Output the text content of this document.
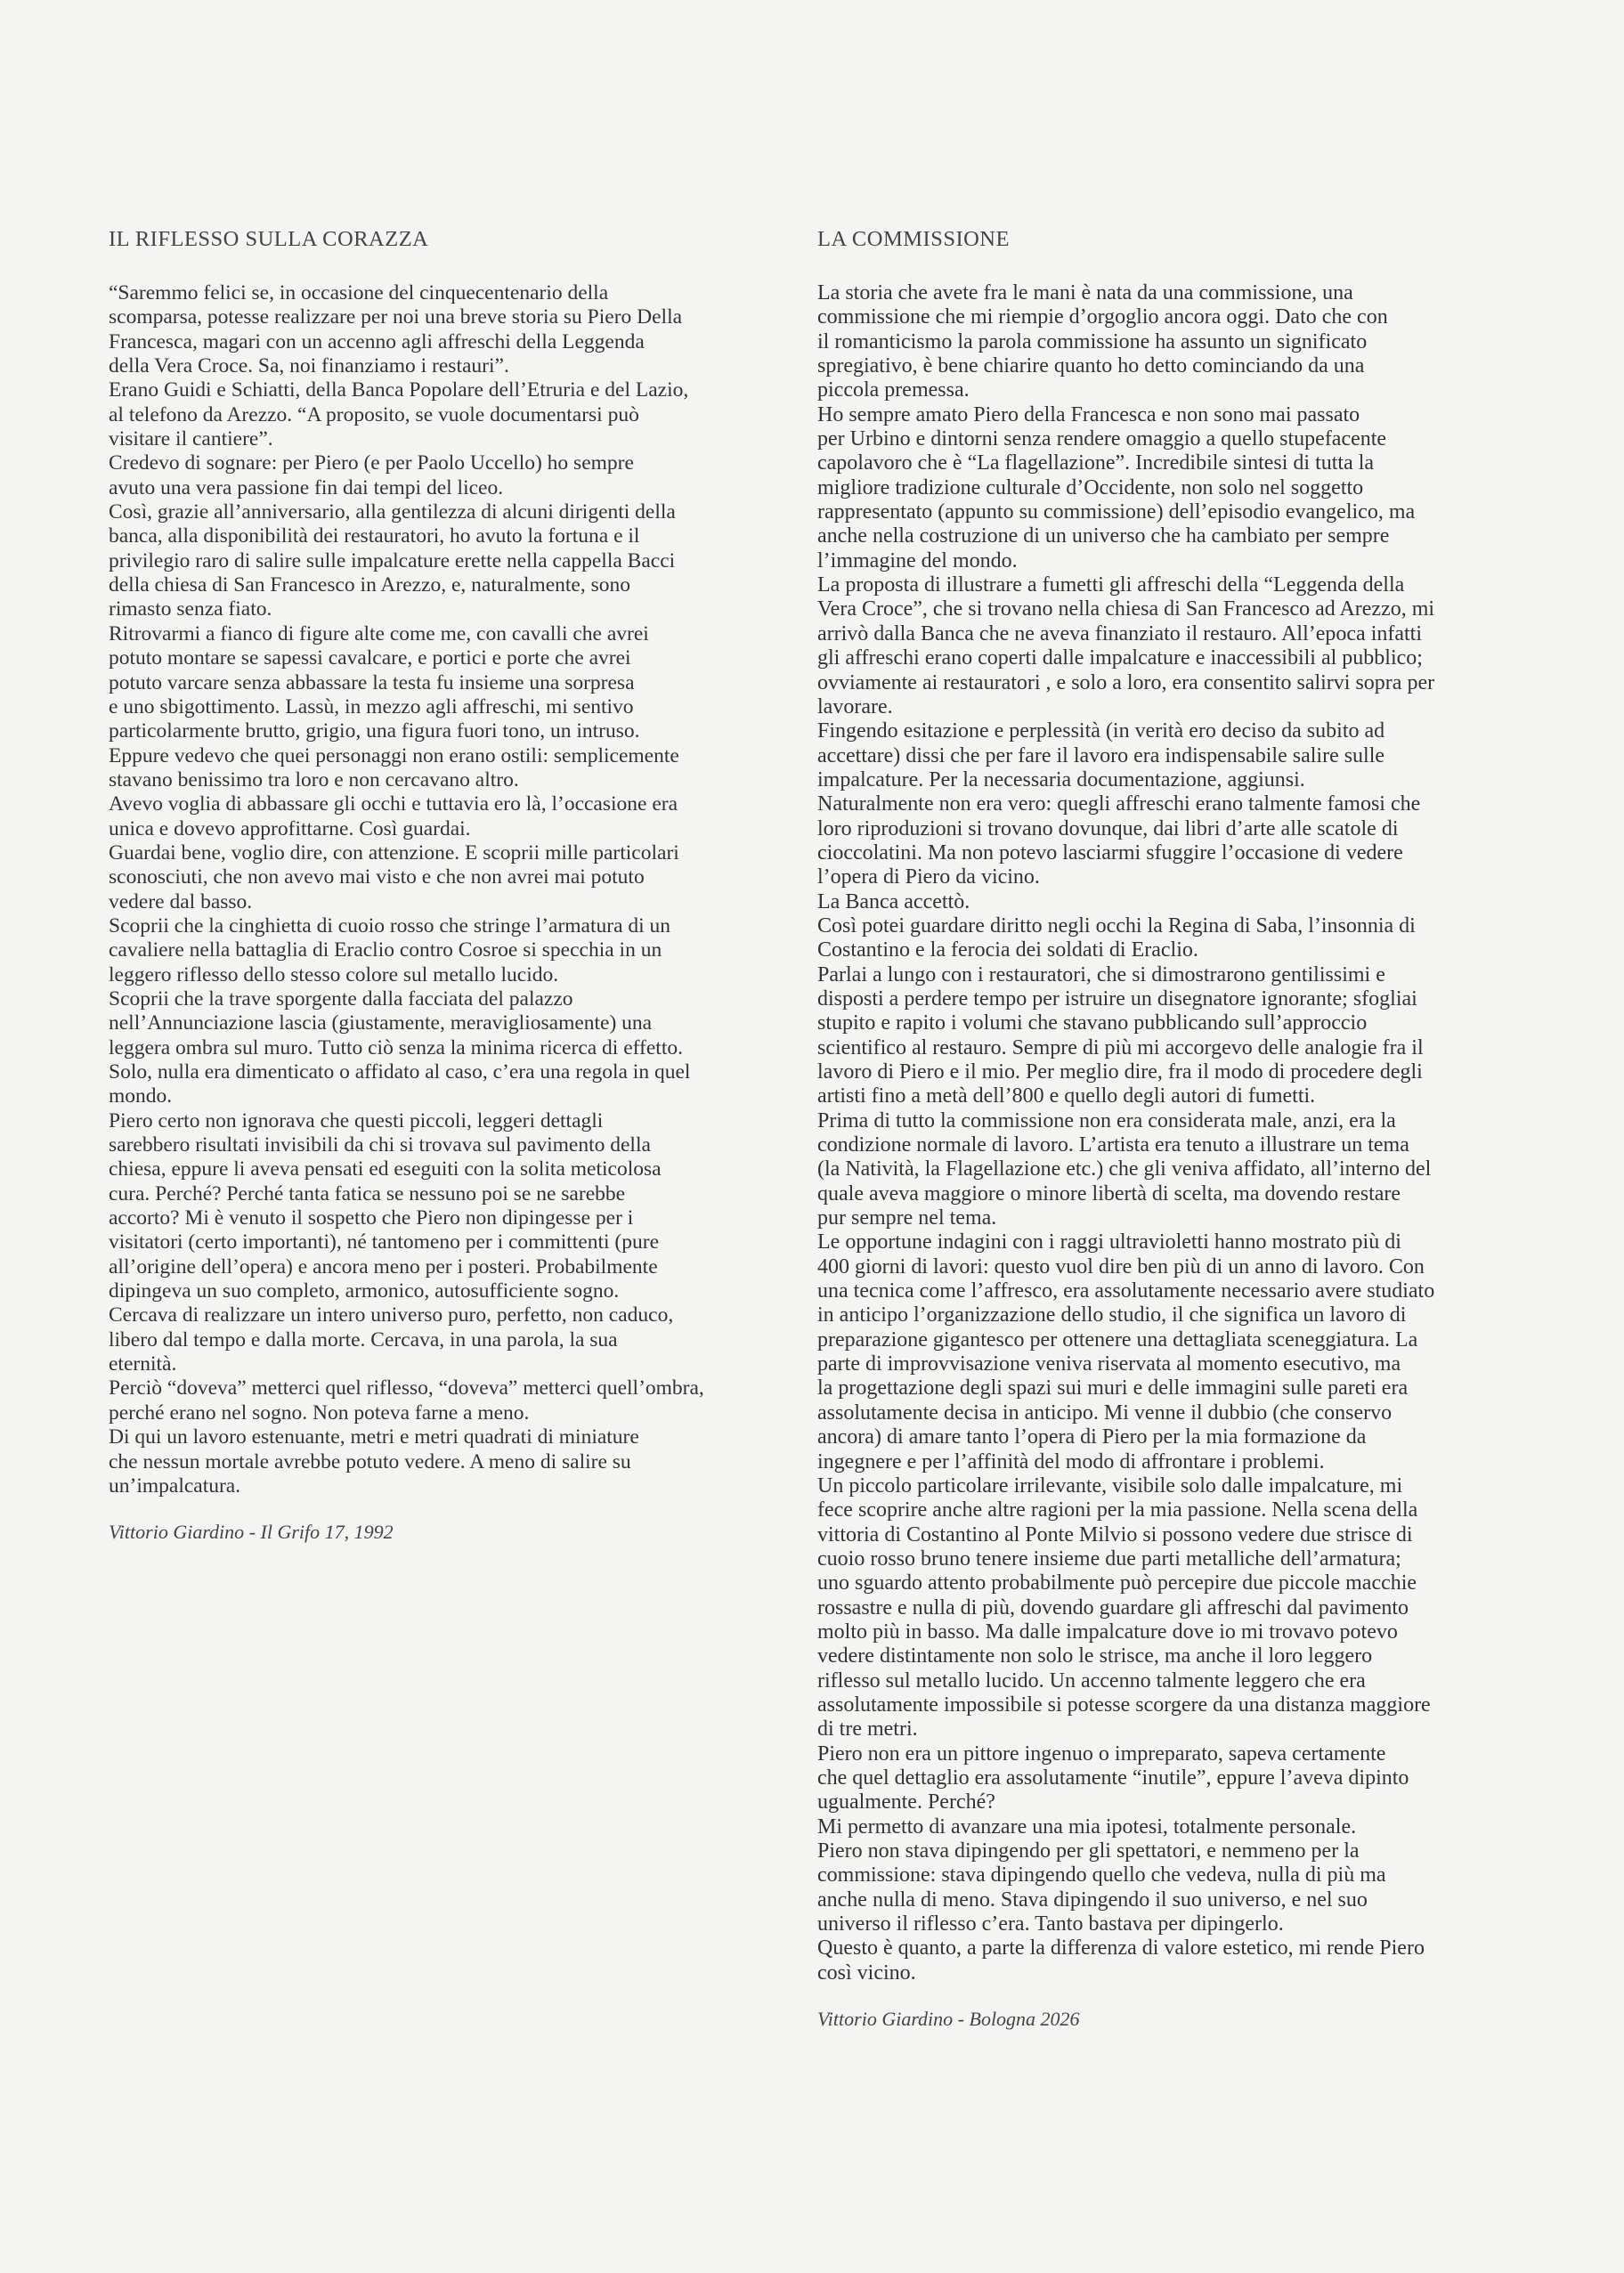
IL RIFLESSO SULLA CORAZZA
“Saremmo felici se, in occasione del cinquecentenario della
scomparsa, potesse realizzare per noi una breve storia su Piero Della
Francesca, magari con un accenno agli affreschi della Leggenda
della Vera Croce. Sa, noi finanziamo i restauri”.
Erano Guidi e Schiatti, della Banca Popolare dell’Etruria e del Lazio,
al telefono da Arezzo. “A proposito, se vuole documentarsi può
visitare il cantiere”.
Credevo di sognare: per Piero (e per Paolo Uccello) ho sempre
avuto una vera passione fin dai tempi del liceo.
Così, grazie all’anniversario, alla gentilezza di alcuni dirigenti della
banca, alla disponibilità dei restauratori, ho avuto la fortuna e il
privilegio raro di salire sulle impalcature erette nella cappella Bacci
della chiesa di San Francesco in Arezzo, e, naturalmente, sono
rimasto senza fiato.
Ritrovarmi a fianco di figure alte come me, con cavalli che avrei
potuto montare se sapessi cavalcare, e portici e porte che avrei
potuto varcare senza abbassare la testa fu insieme una sorpresa
e uno sbigottimento. Lassù, in mezzo agli affreschi, mi sentivo
particolarmente brutto, grigio, una figura fuori tono, un intruso.
Eppure vedevo che quei personaggi non erano ostili: semplicemente
stavano benissimo tra loro e non cercavano altro.
Avevo voglia di abbassare gli occhi e tuttavia ero là, l’occasione era
unica e dovevo approfittarne. Così guardai.
Guardai bene, voglio dire, con attenzione. E scoprii mille particolari
sconosciuti, che non avevo mai visto e che non avrei mai potuto
vedere dal basso.
Scoprii che la cinghietta di cuoio rosso che stringe l’armatura di un
cavaliere nella battaglia di Eraclio contro Cosroe si specchia in un
leggero riflesso dello stesso colore sul metallo lucido.
Scoprii che la trave sporgente dalla facciata del palazzo
nell’Annunciazione lascia (giustamente, meravigliosamente) una
leggera ombra sul muro. Tutto ciò senza la minima ricerca di effetto.
Solo, nulla era dimenticato o affidato al caso, c’era una regola in quel
mondo.
Piero certo non ignorava che questi piccoli, leggeri dettagli
sarebbero risultati invisibili da chi si trovava sul pavimento della
chiesa, eppure li aveva pensati ed eseguiti con la solita meticolosa
cura. Perché? Perché tanta fatica se nessuno poi se ne sarebbe
accorto? Mi è venuto il sospetto che Piero non dipingesse per i
visitatori (certo importanti), né tantomeno per i committenti (pure
all’origine dell’opera) e ancora meno per i posteri. Probabilmente
dipingeva un suo completo, armonico, autosufficiente sogno.
Cercava di realizzare un intero universo puro, perfetto, non caduco,
libero dal tempo e dalla morte. Cercava, in una parola, la sua
eternità.
Perciò “doveva” metterci quel riflesso, “doveva” metterci quell’ombra,
perché erano nel sogno. Non poteva farne a meno.
Di qui un lavoro estenuante, metri e metri quadrati di miniature
che nessun mortale avrebbe potuto vedere. A meno di salire su
un’impalcatura.
Vittorio Giardino - Il Grifo 17, 1992
LA COMMISSIONE
La storia che avete fra le mani è nata da una commissione, una
commissione che mi riempie d’orgoglio ancora oggi. Dato che con
il romanticismo la parola commissione ha assunto un significato
spregiativo, è bene chiarire quanto ho detto cominciando da una
piccola premessa.
Ho sempre amato Piero della Francesca e non sono mai passato
per Urbino e dintorni senza rendere omaggio a quello stupefacente
capolavoro che è “La flagellazione”. Incredibile sintesi di tutta la
migliore tradizione culturale d’Occidente, non solo nel soggetto
rappresentato (appunto su commissione) dell’episodio evangelico, ma
anche nella costruzione di un universo che ha cambiato per sempre
l’immagine del mondo.
La proposta di illustrare a fumetti gli affreschi della “Leggenda della
Vera Croce”, che si trovano nella chiesa di San Francesco ad Arezzo, mi
arrivò dalla Banca che ne aveva finanziato il restauro. All’epoca infatti
gli affreschi erano coperti dalle impalcature e inaccessibili al pubblico;
ovviamente ai restauratori , e solo a loro, era consentito salirvi sopra per
lavorare.
Fingendo esitazione e perplessità (in verità ero deciso da subito ad
accettare) dissi che per fare il lavoro era indispensabile salire sulle
impalcature. Per la necessaria documentazione, aggiunsi.
Naturalmente non era vero: quegli affreschi erano talmente famosi che
loro riproduzioni si trovano dovunque, dai libri d’arte alle scatole di
cioccolatini. Ma non potevo lasciarmi sfuggire l’occasione di vedere
l’opera di Piero da vicino.
La Banca accettò.
Così potei guardare diritto negli occhi la Regina di Saba, l’insonnia di
Costantino e la ferocia dei soldati di Eraclio.
Parlai a lungo con i restauratori, che si dimostrarono gentilissimi e
disposti a perdere tempo per istruire un disegnatore ignorante; sfogliai
stupito e rapito i volumi che stavano pubblicando sull’approccio
scientifico al restauro. Sempre di più mi accorgevo delle analogie fra il
lavoro di Piero e il mio. Per meglio dire, fra il modo di procedere degli
artisti fino a metà dell’800 e quello degli autori di fumetti.
Prima di tutto la commissione non era considerata male, anzi, era la
condizione normale di lavoro. L’artista era tenuto a illustrare un tema
(la Natività, la Flagellazione etc.) che gli veniva affidato, all’interno del
quale aveva maggiore o minore libertà di scelta, ma dovendo restare
pur sempre nel tema.
Le opportune indagini con i raggi ultravioletti hanno mostrato più di
400 giorni di lavori: questo vuol dire ben più di un anno di lavoro. Con
una tecnica come l’affresco, era assolutamente necessario avere studiato
in anticipo l’organizzazione dello studio, il che significa un lavoro di
preparazione gigantesco per ottenere una dettagliata sceneggiatura. La
parte di improvvisazione veniva riservata al momento esecutivo, ma
la progettazione degli spazi sui muri e delle immagini sulle pareti era
assolutamente decisa in anticipo. Mi venne il dubbio (che conservo
ancora) di amare tanto l’opera di Piero per la mia formazione da
ingegnere e per l’affinità del modo di affrontare i problemi.
Un piccolo particolare irrilevante, visibile solo dalle impalcature, mi
fece scoprire anche altre ragioni per la mia passione. Nella scena della
vittoria di Costantino al Ponte Milvio si possono vedere due strisce di
cuoio rosso bruno tenere insieme due parti metalliche dell’armatura;
uno sguardo attento probabilmente può percepire due piccole macchie
rossastre e nulla di più, dovendo guardare gli affreschi dal pavimento
molto più in basso. Ma dalle impalcature dove io mi trovavo potevo
vedere distintamente non solo le strisce, ma anche il loro leggero
riflesso sul metallo lucido. Un accenno talmente leggero che era
assolutamente impossibile si potesse scorgere da una distanza maggiore
di tre metri.
Piero non era un pittore ingenuo o impreparato, sapeva certamente
che quel dettaglio era assolutamente “inutile”, eppure l’aveva dipinto
ugualmente. Perché?
Mi permetto di avanzare una mia ipotesi, totalmente personale.
Piero non stava dipingendo per gli spettatori, e nemmeno per la
commissione: stava dipingendo quello che vedeva, nulla di più ma
anche nulla di meno. Stava dipingendo il suo universo, e nel suo
universo il riflesso c’era. Tanto bastava per dipingerlo.
Questo è quanto, a parte la differenza di valore estetico, mi rende Piero
così vicino.
Vittorio Giardino - Bologna 2026
